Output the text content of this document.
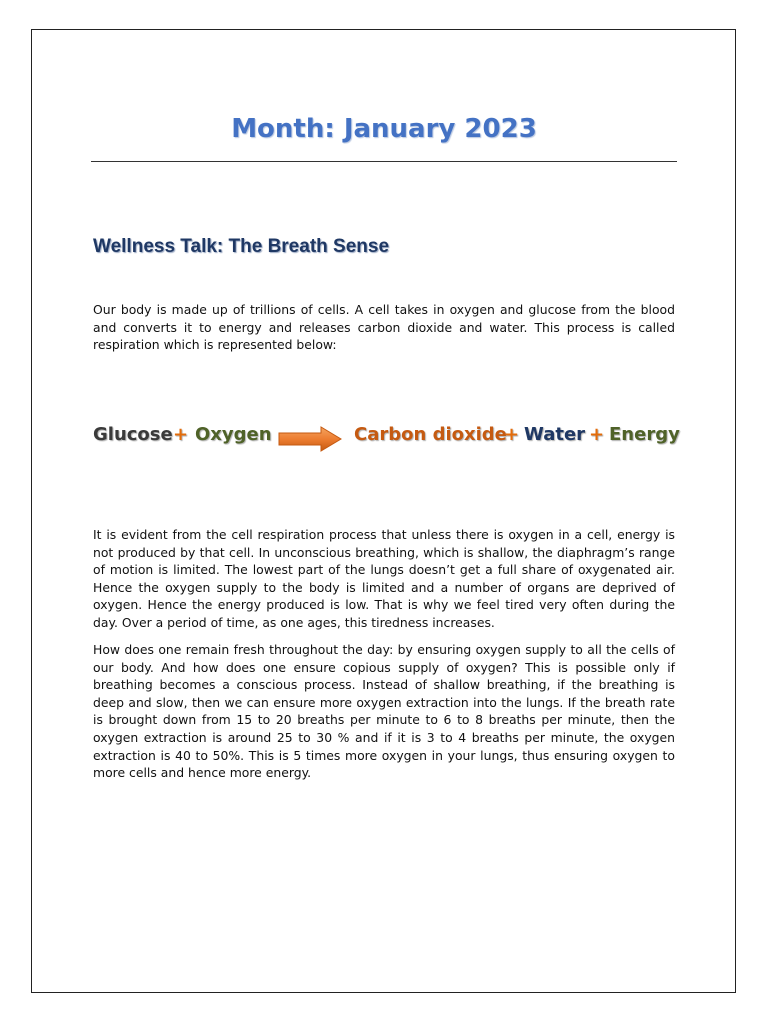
Month: January 2023
Wellness Talk: The Breath Sense

Our body is made up of trillions of cells. A cell takes in oxygen and glucose from the blood and converts it to energy and releases carbon dioxide and water. This process is called respiration which is represented below:

Glucose + Oxygen	Carbon dioxide
+ Water + Energy

It is evident from the cell respiration process that unless there is oxygen in a cell, energy is not produced by that cell. In unconscious breathing, which is shallow, the diaphragm’s range of motion is limited. The lowest part of the lungs doesn’t get a full share of oxygenated air. Hence the oxygen supply to the body is limited and a number of organs are deprived of oxygen. Hence the energy produced is low. That is why we feel tired very often during the day. Over a period of time, as one ages, this tiredness increases.

How does one remain fresh throughout the day: by ensuring oxygen supply to all the cells of our body. And how does one ensure copious supply of oxygen? This is possible only if breathing becomes a conscious process. Instead of shallow breathing, if the breathing is deep and slow, then we can ensure more oxygen extraction into the lungs. If the breath rate is brought down from 15 to 20 breaths per minute to 6 to 8 breaths per minute, then the oxygen extraction is around 25 to 30 % and if it is 3 to 4 breaths per minute, the oxygen extraction is 40 to 50%. This is 5 times more oxygen in your lungs, thus ensuring oxygen to more cells and hence more energy.
